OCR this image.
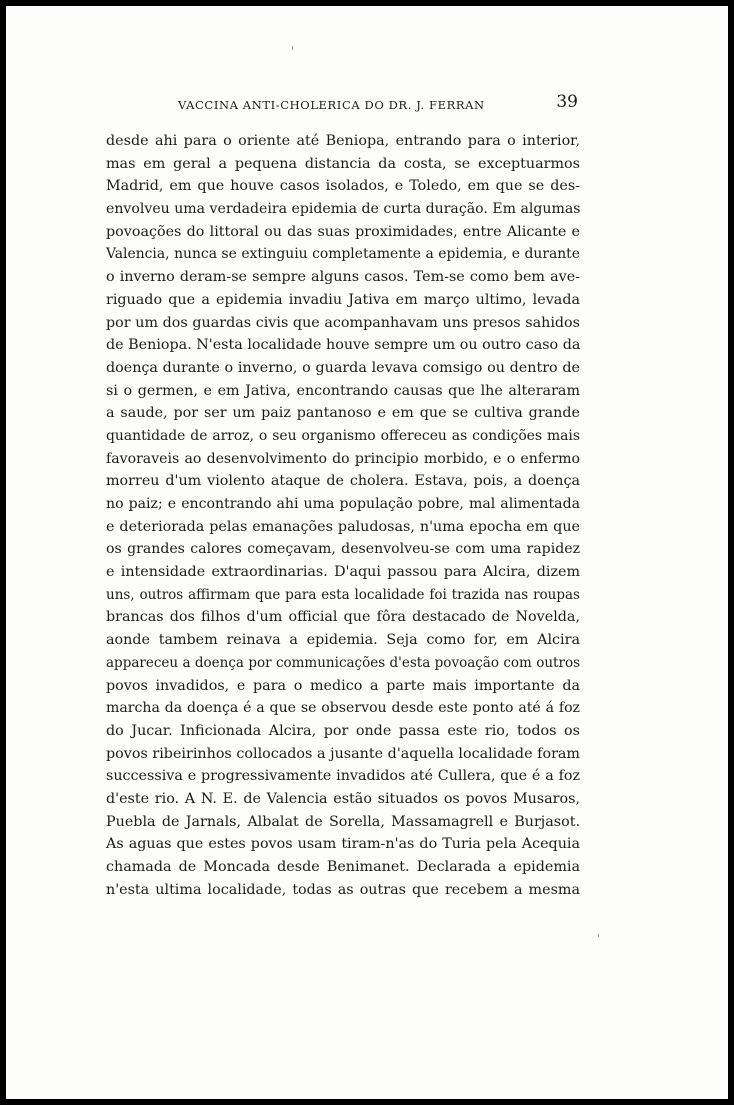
VACCINA ANTI-CHOLERICA DO DR. J. FERRAN	39
desde ahi para o oriente até Beniopa, entrando para o interior,
mas em geral a pequena distancia da costa, se exceptuarmos
Madrid, em que houve casos isolados, e Toledo, em que se des-
envolveu uma verdadeira epidemia de curta duração. Em algumas
povoações do littoral ou das suas proximidades, entre Alicante e
Valencia, nunca se extinguiu completamente a epidemia, e durante
o inverno deram-se sempre alguns casos. Tem-se como bem ave-
riguado que a epidemia invadiu Jativa em março ultimo, levada
por um dos guardas civis que acompanhavam uns presos sahidos
de Beniopa. N'esta localidade houve sempre um ou outro caso da
doença durante o inverno, o guarda levava comsigo ou dentro de
si o germen, e em Jativa, encontrando causas que lhe alteraram
a saude, por ser um paiz pantanoso e em que se cultiva grande
quantidade de arroz, o seu organismo offereceu as condições mais
favoraveis ao desenvolvimento do principio morbido, e o enfermo
morreu d'um violento ataque de cholera. Estava, pois, a doença
no paiz; e encontrando ahi uma população pobre, mal alimentada
e deteriorada pelas emanações paludosas, n'uma epocha em que
os grandes calores começavam, desenvolveu-se com uma rapidez
e intensidade extraordinarias. D'aqui passou para Alcira, dizem
uns, outros affirmam que para esta localidade foi trazida nas roupas
brancas dos filhos d'um official que fôra destacado de Novelda,
aonde tambem reinava a epidemia. Seja como for, em Alcira
appareceu a doença por communicações d'esta povoação com outros
povos invadidos, e para o medico a parte mais importante da
marcha da doença é a que se observou desde este ponto até á foz
do Jucar. Inficionada Alcira, por onde passa este rio, todos os
povos ribeirinhos collocados a jusante d'aquella localidade foram
successiva e progressivamente invadidos até Cullera, que é a foz
d'este rio. A N. E. de Valencia estão situados os povos Musaros,
Puebla de Jarnals, Albalat de Sorella, Massamagrell e Burjasot.
As aguas que estes povos usam tiram-n'as do Turia pela Acequia
chamada de Moncada desde Benimanet. Declarada a epidemia
n'esta ultima localidade, todas as outras que recebem a mesma
